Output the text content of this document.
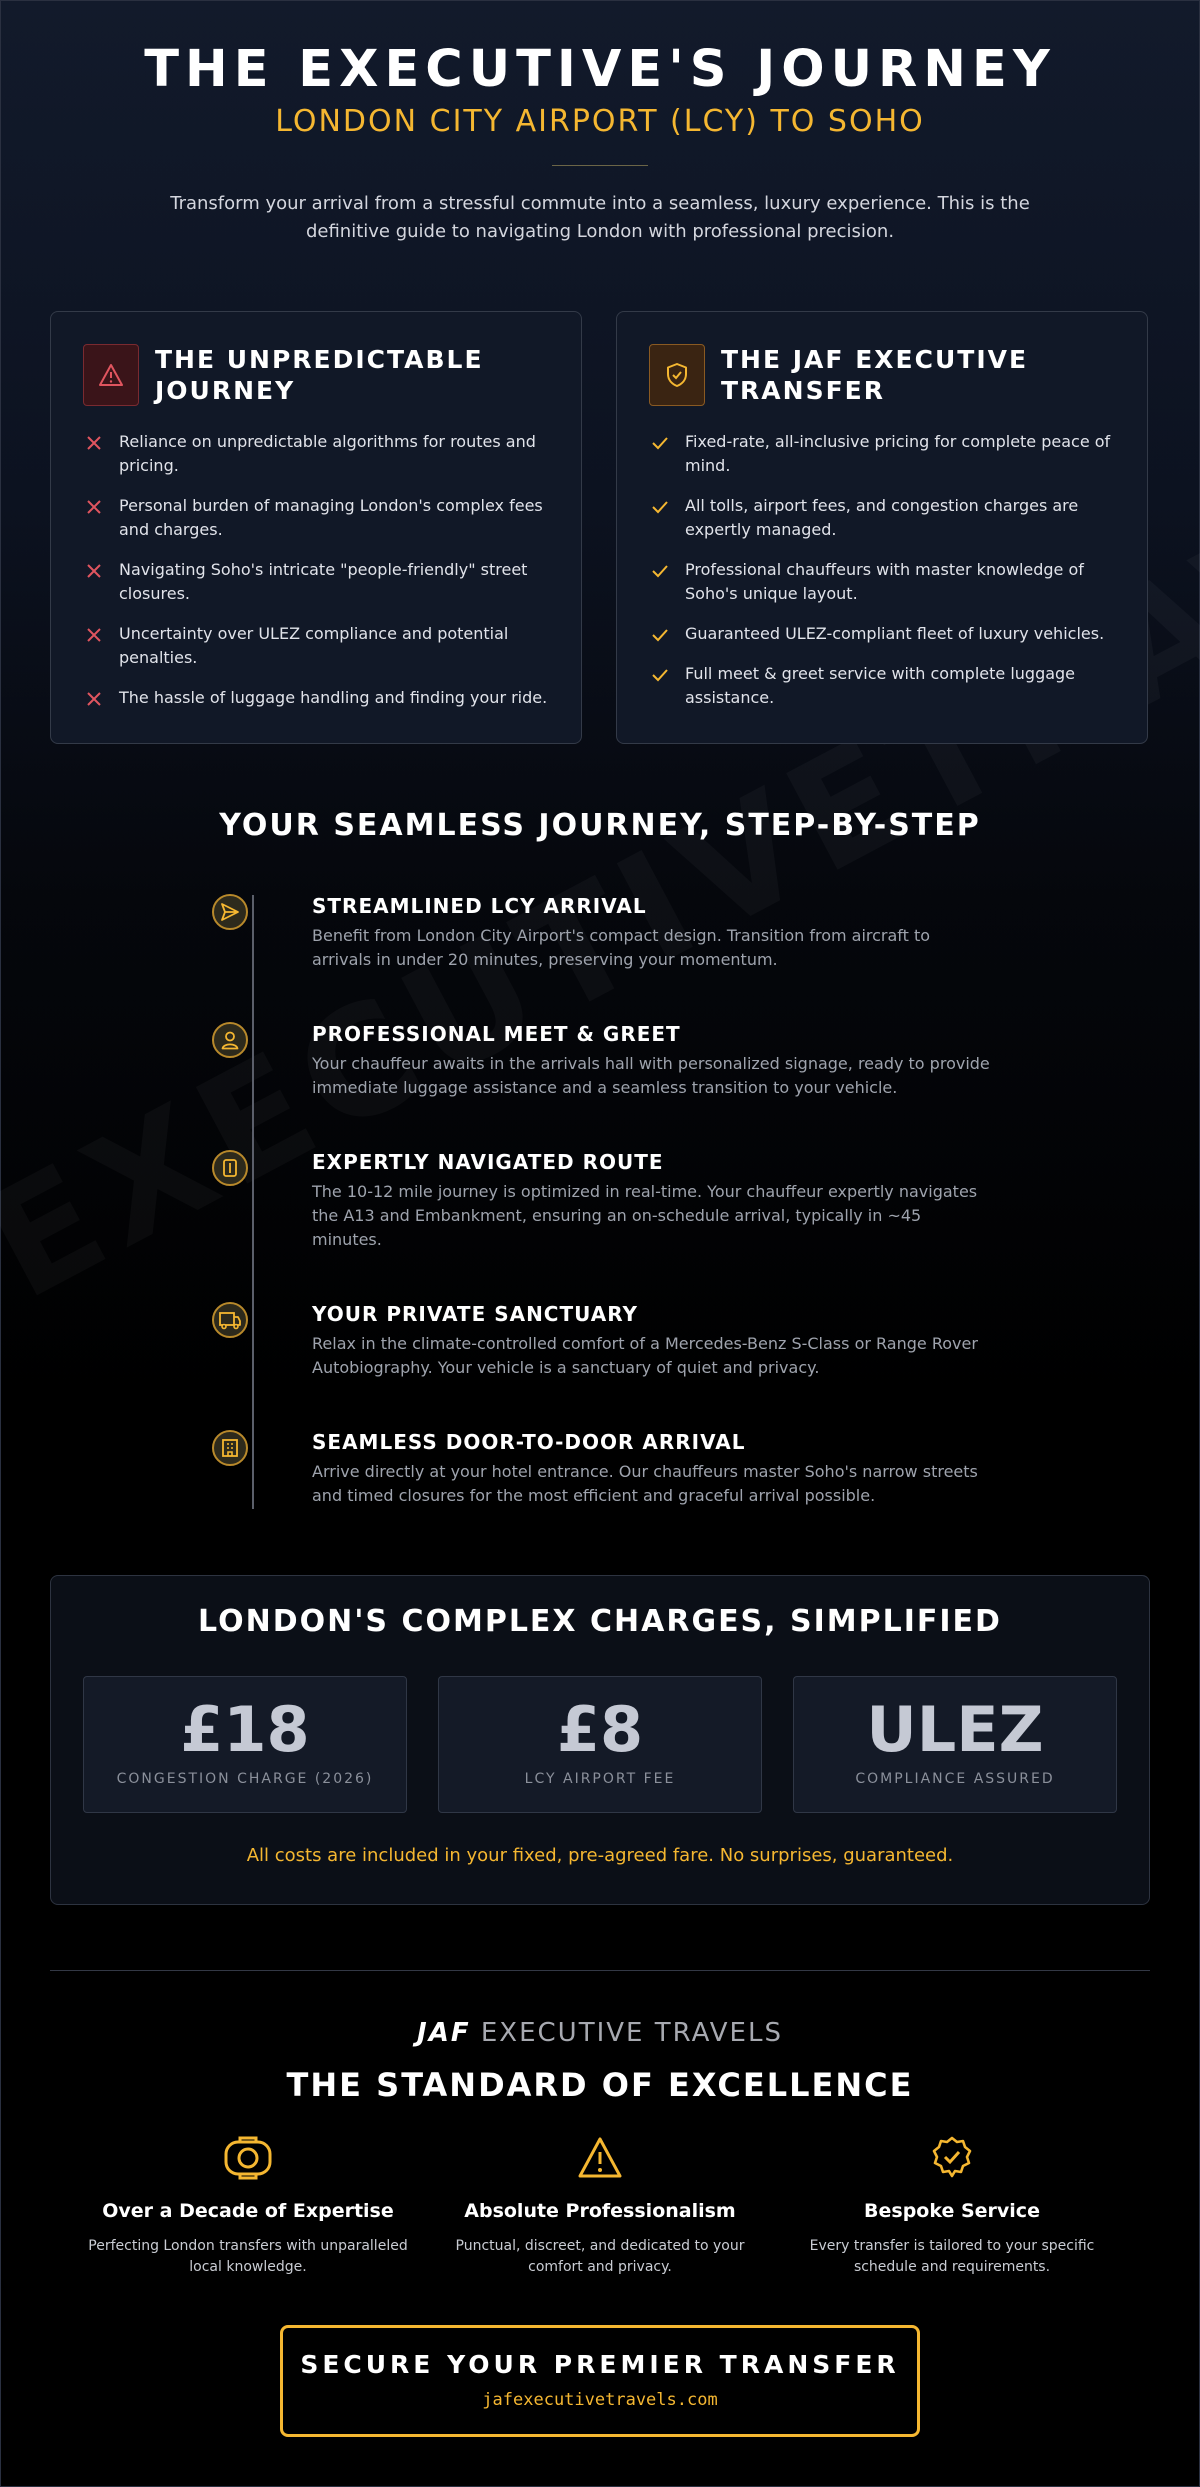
THE EXECUTIVE'S JOURNEY
LONDON CITY AIRPORT (LCY) TO SOHO
Transform your arrival from a stressful commute into a seamless, luxury experience. This is the definitive guide to navigating London with professional precision.
THE UNPREDICTABLE JOURNEY
Reliance on unpredictable algorithms for routes and pricing.
Personal burden of managing London's complex fees and charges.
Navigating Soho's intricate "people-friendly" street closures.
Uncertainty over ULEZ compliance and potential penalties.
The hassle of luggage handling and finding your ride.
THE JAF EXECUTIVE TRANSFER
Fixed-rate, all-inclusive pricing for complete peace of mind.
All tolls, airport fees, and congestion charges are expertly managed.
Professional chauffeurs with master knowledge of Soho's unique layout.
Guaranteed ULEZ-compliant fleet of luxury vehicles.
Full meet & greet service with complete luggage assistance.
YOUR SEAMLESS JOURNEY, STEP-BY-STEP
STREAMLINED LCY ARRIVAL
Benefit from London City Airport's compact design. Transition from aircraft to arrivals in under 20 minutes, preserving your momentum.
PROFESSIONAL MEET & GREET
Your chauffeur awaits in the arrivals hall with personalized signage, ready to provide immediate luggage assistance and a seamless transition to your vehicle.
EXPERTLY NAVIGATED ROUTE
The 10-12 mile journey is optimized in real-time. Your chauffeur expertly navigates the A13 and Embankment, ensuring an on-schedule arrival, typically in ~45 minutes.
YOUR PRIVATE SANCTUARY
Relax in the climate-controlled comfort of a Mercedes-Benz S-Class or Range Rover Autobiography. Your vehicle is a sanctuary of quiet and privacy.
SEAMLESS DOOR-TO-DOOR ARRIVAL
Arrive directly at your hotel entrance. Our chauffeurs master Soho's narrow streets and timed closures for the most efficient and graceful arrival possible.
LONDON'S COMPLEX CHARGES, SIMPLIFIED
£18
CONGESTION CHARGE (2026)
£8
LCY AIRPORT FEE
ULEZ
COMPLIANCE ASSURED
All costs are included in your fixed, pre-agreed fare. No surprises, guaranteed.
JAF EXECUTIVE TRAVELS
THE STANDARD OF EXCELLENCE
Over a Decade of Expertise
Perfecting London transfers with unparalleled local knowledge.
Absolute Professionalism
Punctual, discreet, and dedicated to your comfort and privacy.
Bespoke Service
Every transfer is tailored to your specific schedule and requirements.
SECURE YOUR PREMIER TRANSFER
jafexecutivetravels.com
